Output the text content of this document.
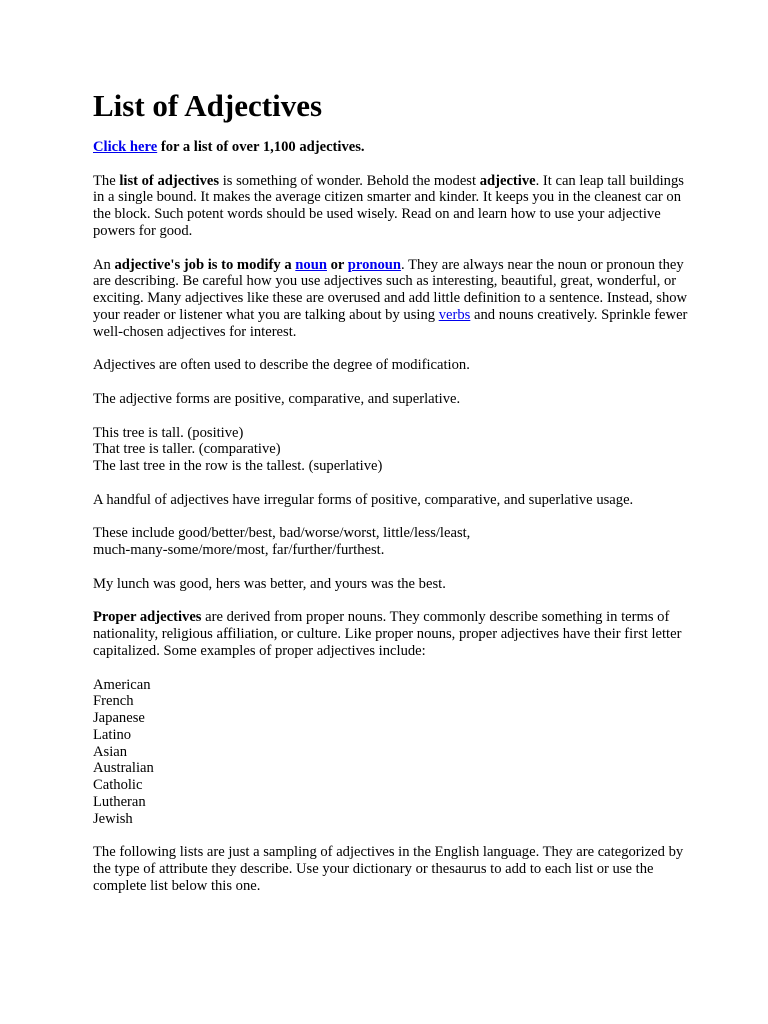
List of Adjectives

Click here for a list of over 1,100 adjectives.

The list of adjectives is something of wonder. Behold the modest adjective. It can leap tall buildings in a single bound. It makes the average citizen smarter and kinder. It keeps you in the cleanest car on the block. Such potent words should be used wisely. Read on and learn how to use your adjective powers for good.

An adjective's job is to modify a noun or pronoun. They are always near the noun or pronoun they are describing. Be careful how you use adjectives such as interesting, beautiful, great, wonderful, or exciting. Many adjectives like these are overused and add little definition to a sentence. Instead, show your reader or listener what you are talking about by using verbs and nouns creatively. Sprinkle fewer well-chosen adjectives for interest.

Adjectives are often used to describe the degree of modification.

The adjective forms are positive, comparative, and superlative.

This tree is tall. (positive)
That tree is taller. (comparative)
The last tree in the row is the tallest. (superlative)

A handful of adjectives have irregular forms of positive, comparative, and superlative usage.

These include good/better/best, bad/worse/worst, little/less/least,
much-many-some/more/most, far/further/furthest.

My lunch was good, hers was better, and yours was the best.

Proper adjectives are derived from proper nouns. They commonly describe something in terms of nationality, religious affiliation, or culture. Like proper nouns, proper adjectives have their first letter capitalized. Some examples of proper adjectives include:

American
French
Japanese
Latino
Asian
Australian
Catholic
Lutheran
Jewish

The following lists are just a sampling of adjectives in the English language. They are categorized by the type of attribute they describe. Use your dictionary or thesaurus to add to each list or use the complete list below this one.
